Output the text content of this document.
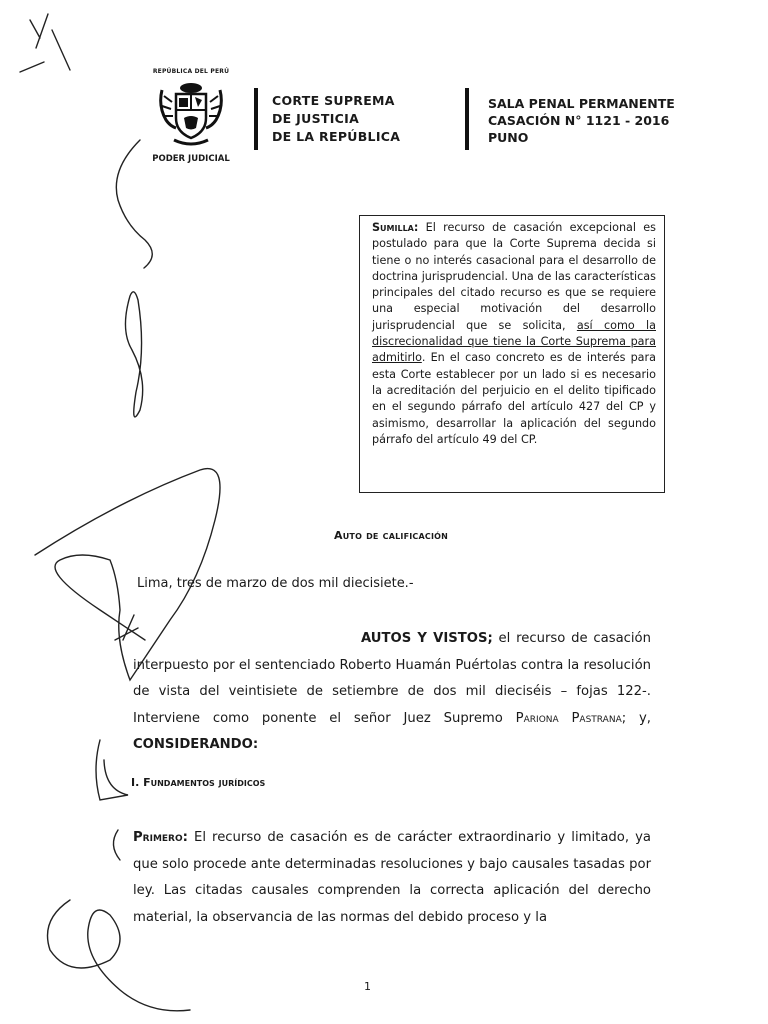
REPÚBLICA DEL PERÚ
PODER JUDICIAL
CORTE SUPREMA
DE JUSTICIA
DE LA REPÚBLICA
SALA PENAL PERMANENTE
CASACIÓN N° 1121 - 2016
PUNO
Sumilla: El recurso de casación excepcional es postulado para que la Corte Suprema decida si tiene o no interés casacional para el desarrollo de doctrina jurisprudencial. Una de las características principales del citado recurso es que se requiere una especial motivación del desarrollo jurisprudencial que se solicita, así como la discrecionalidad que tiene la Corte Suprema para admitirlo. En el caso concreto es de interés para esta Corte establecer por un lado si es necesario la acreditación del perjuicio en el delito tipificado en el segundo párrafo del artículo 427 del CP y asimismo, desarrollar la aplicación del segundo párrafo del artículo 49 del CP.
Auto de calificación
Lima, tres de marzo de dos mil diecisiete.-
AUTOS Y VISTOS; el recurso de casación interpuesto por el sentenciado Roberto Huamán Puértolas contra la resolución de vista del veintisiete de setiembre de dos mil dieciséis – fojas 122-. Interviene como ponente el señor Juez Supremo Pariona Pastrana; y, CONSIDERANDO:
I. Fundamentos jurídicos
Primero: El recurso de casación es de carácter extraordinario y limitado, ya que solo procede ante determinadas resoluciones y bajo causales tasadas por ley. Las citadas causales comprenden la correcta aplicación del derecho material, la observancia de las normas del debido proceso y la
1
